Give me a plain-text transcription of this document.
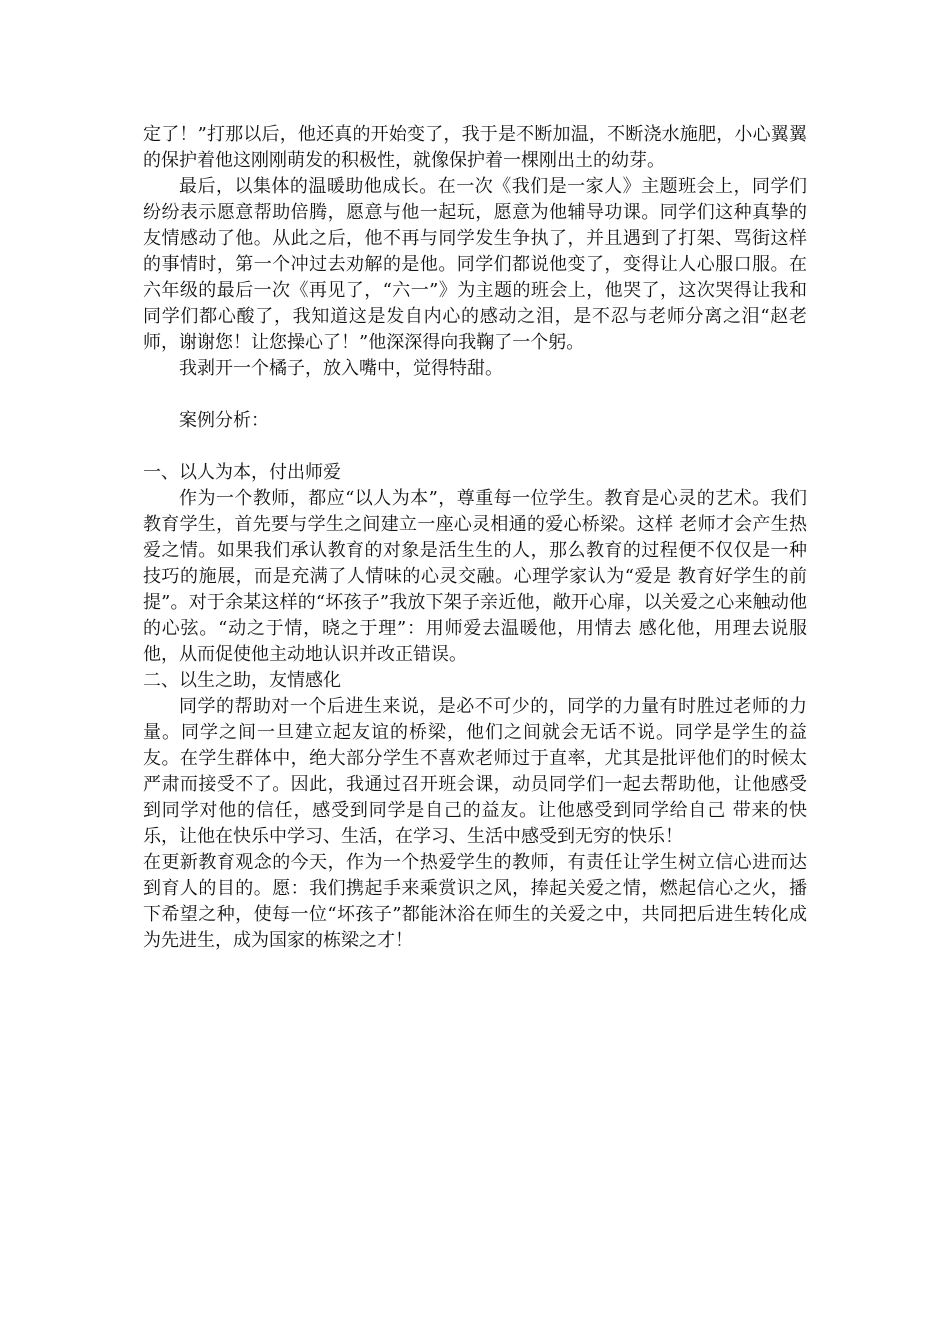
定了！”打那以后，他还真的开始变了，我于是不断加温，不断浇水施肥，小心翼翼的保护着他这刚刚萌发的积极性，就像保护着一棵刚出土的幼芽。

最后，以集体的温暖助他成长。在一次《我们是一家人》主题班会上，同学们纷纷表示愿意帮助倍腾，愿意与他一起玩，愿意为他辅导功课。同学们这种真挚的友情感动了他。从此之后，他不再与同学发生争执了，并且遇到了打架、骂街这样的事情时，第一个冲过去劝解的是他。同学们都说他变了，变得让人心服口服。在六年级的最后一次《再见了，“六一”》为主题的班会上，他哭了，这次哭得让我和同学们都心酸了，我知道这是发自内心的感动之泪，是不忍与老师分离之泪“赵老师，谢谢您！让您操心了！”他深深得向我鞠了一个躬。

我剥开一个橘子，放入嘴中，觉得特甜。

案例分析：

一、以人为本，付出师爱

作为一个教师，都应“以人为本”，尊重每一位学生。教育是心灵的艺术。我们教育学生，首先要与学生之间建立一座心灵相通的爱心桥梁。这样 老师才会产生热爱之情。如果我们承认教育的对象是活生生的人，那么教育的过程便不仅仅是一种技巧的施展，而是充满了人情味的心灵交融。心理学家认为“爱是 教育好学生的前提”。对于余某这样的“坏孩子”我放下架子亲近他，敞开心扉，以关爱之心来触动他的心弦。“动之于情，晓之于理”：用师爱去温暖他，用情去 感化他，用理去说服他，从而促使他主动地认识并改正错误。

二、以生之助，友情感化

同学的帮助对一个后进生来说，是必不可少的，同学的力量有时胜过老师的力量。同学之间一旦建立起友谊的桥梁，他们之间就会无话不说。同学是学生的益友。在学生群体中，绝大部分学生不喜欢老师过于直率，尤其是批评他们的时候太严肃而接受不了。因此，我通过召开班会课，动员同学们一起去帮助他，让他感受到同学对他的信任，感受到同学是自己的益友。让他感受到同学给自己 带来的快乐，让他在快乐中学习、生活，在学习、生活中感受到无穷的快乐！

在更新教育观念的今天，作为一个热爱学生的教师，有责任让学生树立信心进而达到育人的目的。愿：我们携起手来乘赏识之风，捧起关爱之情，燃起信心之火，播下希望之种，使每一位“坏孩子”都能沐浴在师生的关爱之中，共同把后进生转化成为先进生，成为国家的栋梁之才！
